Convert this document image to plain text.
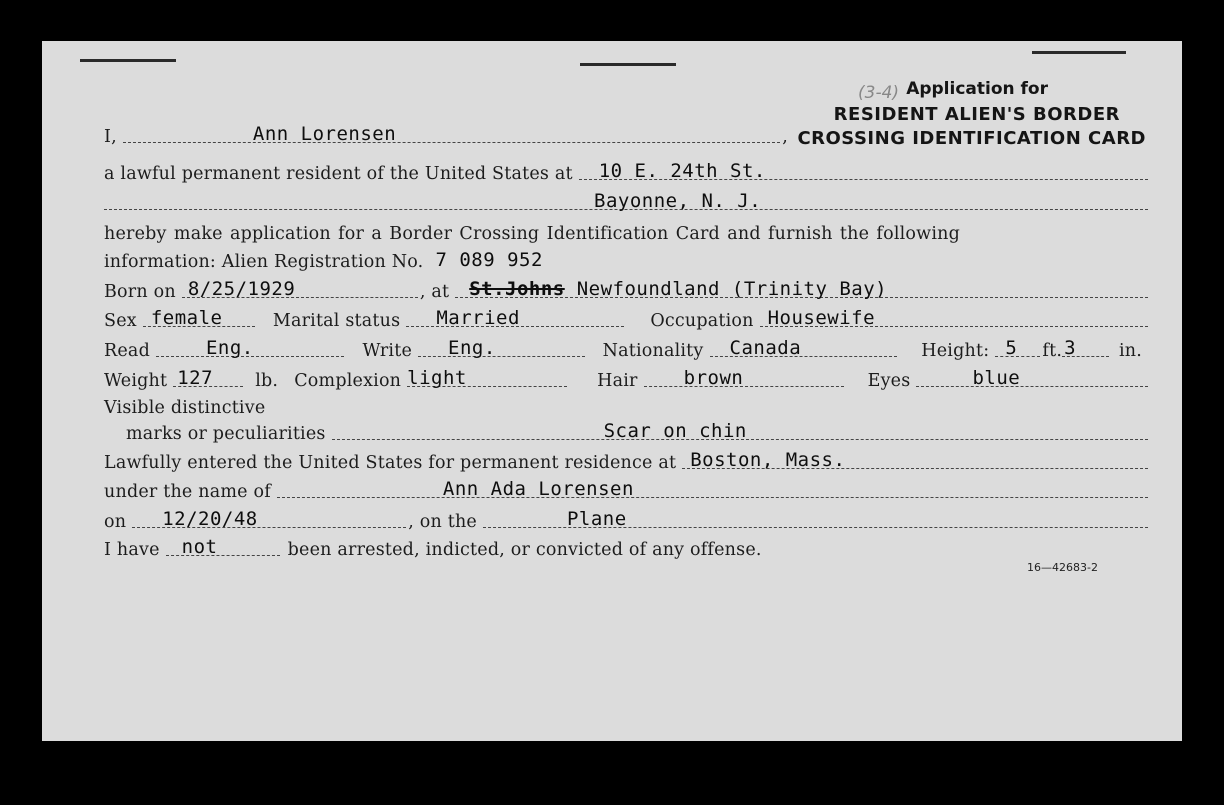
(3-4) Application for
RESIDENT ALIEN'S BORDER
CROSSING IDENTIFICATION CARD
I,	Ann Lorensen	,
a lawful permanent resident of the United States at	10 E. 24th St.
Bayonne, N. J.
hereby make application for a Border Crossing Identification Card and furnish the following
information: Alien Registration No. 7 089 952
Born on 8/25/1929	, at	St.Johns
Newfoundland (Trinity Bay)
Sex female	Marital status	Married	Occupation Housewife
Read	Eng.	Write	Eng.	Nationality	Canada	Height: 5 ft. 3	in.
Weight 127	lb. Complexion light	Hair	brown	Eyes	blue
Visible distinctive
marks or peculiarities	Scar on chin
Lawfully entered the United States for permanent residence at Boston, Mass.
under the name of	Ann Ada Lorensen
on	12/20/48	, on the	Plane
I have	not	been arrested, indicted, or convicted of any offense.
16—42683-2
